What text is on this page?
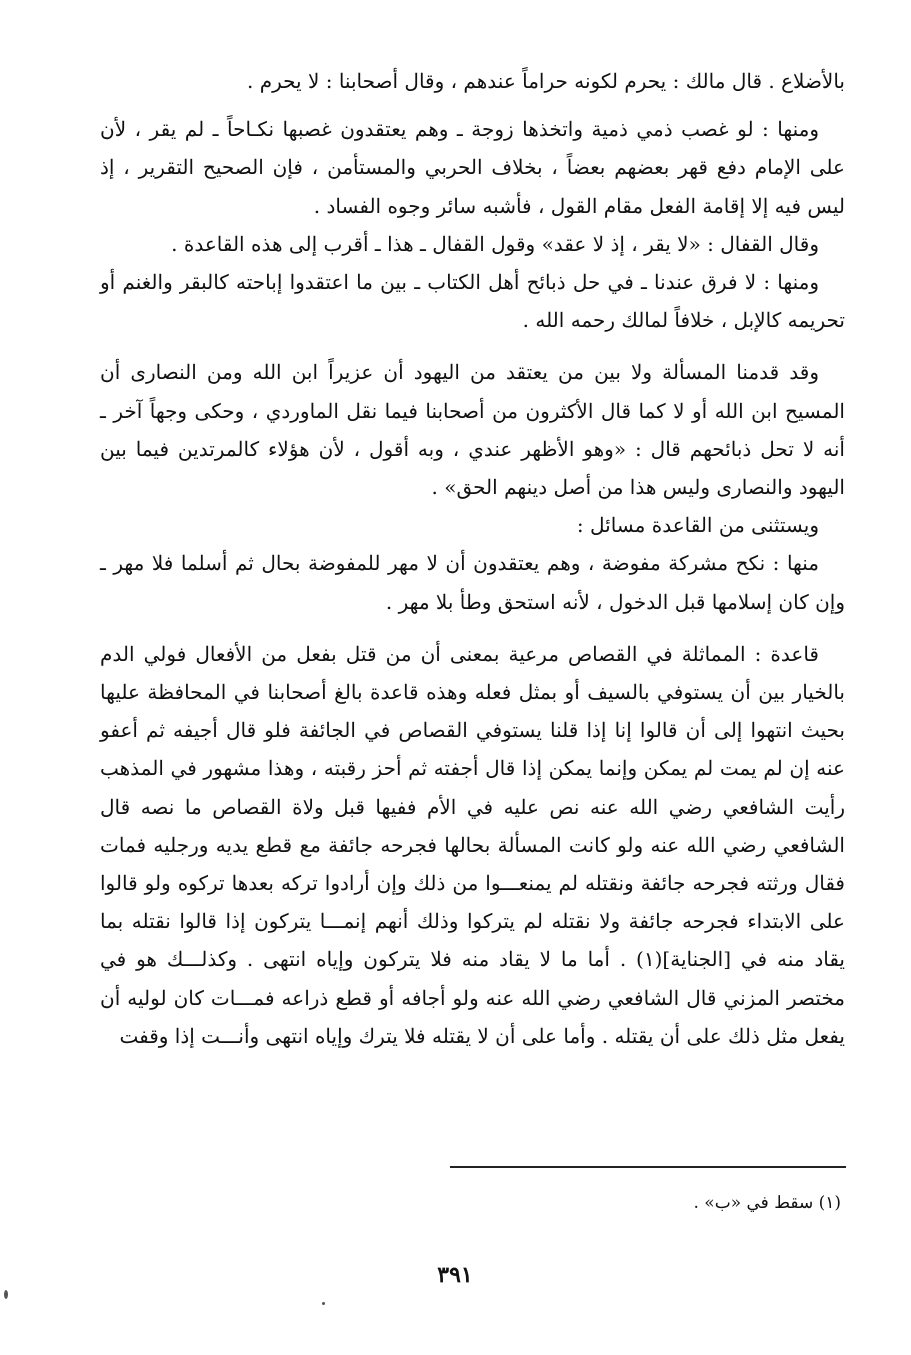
بالأضلاع . قال مالك : يحرم لكونه حراماً عندهم ، وقال أصحابنا : لا يحرم .

ومنها : لو غصب ذمي ذمية واتخذها زوجة ـ وهم يعتقدون غصبها نكـاحاً ـ لم يقر ، لأن على الإمام دفع قهر بعضهم بعضاً ، بخلاف الحربي والمستأمن ، فإن الصحيح التقرير ، إذ ليس فيه إلا إقامة الفعل مقام القول ، فأشبه سائر وجوه الفساد .

وقال القفال : «لا يقر ، إذ لا عقد» وقول القفال ـ هذا ـ أقرب إلى هذه القاعدة .

ومنها : لا فرق عندنا ـ في حل ذبائح أهل الكتاب ـ بين ما اعتقدوا إباحته كالبقر والغنم أو تحريمه كالإبل ، خلافاً لمالك رحمه الله .

وقد قدمنا المسألة ولا بين من يعتقد من اليهود أن عزيراً ابن الله ومن النصارى أن المسيح ابن الله أو لا كما قال الأكثرون من أصحابنا فيما نقل الماوردي ، وحكى وجهاً آخر ـ أنه لا تحل ذبائحهم قال : «وهو الأظهر عندي ، وبه أقول ، لأن هؤلاء كالمرتدين فيما بين اليهود والنصارى وليس هذا من أصل دينهم الحق» .

ويستثنى من القاعدة مسائل :

منها : نكح مشركة مفوضة ، وهم يعتقدون أن لا مهر للمفوضة بحال ثم أسلما فلا مهر ـ وإن كان إسلامها قبل الدخول ، لأنه استحق وطأ بلا مهر .

قاعدة : المماثلة في القصاص مرعية بمعنى أن من قتل بفعل من الأفعال فولي الدم بالخيار بين أن يستوفي بالسيف أو بمثل فعله وهذه قاعدة بالغ أصحابنا في المحافظة عليها بحيث انتهوا إلى أن قالوا إنا إذا قلنا يستوفي القصاص في الجائفة فلو قال أجيفه ثم أعفو عنه إن لم يمت لم يمكن وإنما يمكن إذا قال أجفته ثم أحز رقبته ، وهذا مشهور في المذهب رأيت الشافعي رضي الله عنه نص عليه في الأم ففيها قبل ولاة القصاص ما نصه قال الشافعي رضي الله عنه ولو كانت المسألة بحالها فجرحه جائفة مع قطع يديه ورجليه فمات فقال ورثته فجرحه جائفة ونقتله لم يمنعـــوا من ذلك وإن أرادوا تركه بعدها تركوه ولو قالوا على الابتداء فجرحه جائفة ولا نقتله لم يتركوا وذلك أنهم إنمـــا يتركون إذا قالوا نقتله بما يقاد منه في [الجناية](١) . أما ما لا يقاد منه فلا يتركون وإياه انتهى . وكذلـــك هو في مختصر المزني قال الشافعي رضي الله عنه ولو أجافه أو قطع ذراعه فمـــات كان لوليه أن يفعل مثل ذلك على أن يقتله . وأما على أن لا يقتله فلا يترك وإياه انتهى وأنـــت إذا وقفت

(١) سقط في «ب» .
٣٩١
